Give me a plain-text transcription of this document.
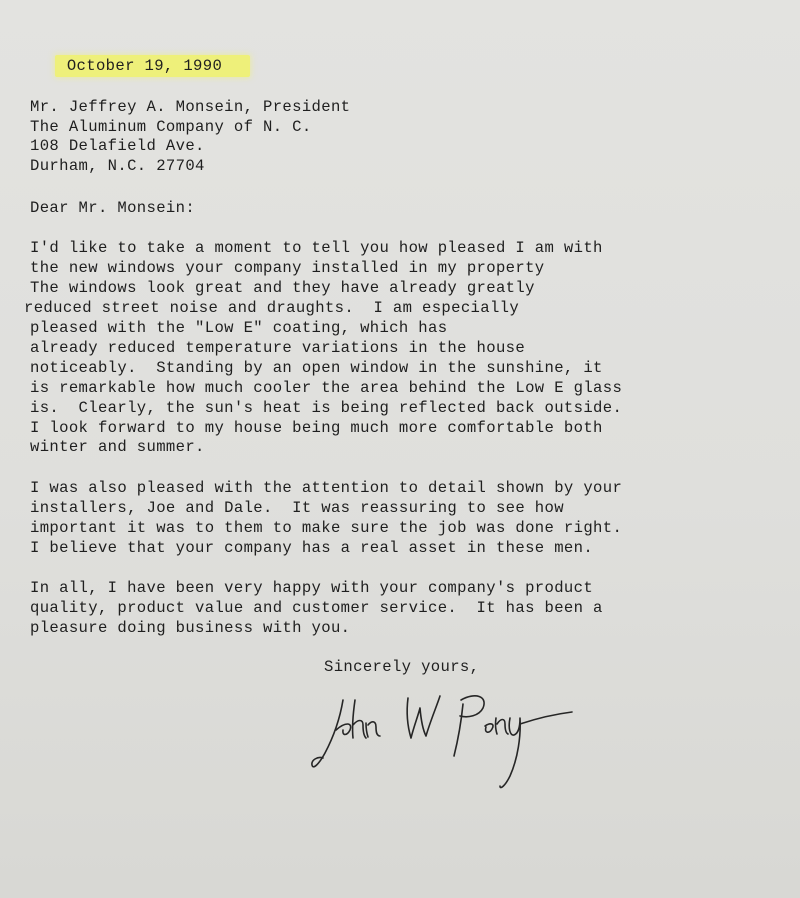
October 19, 1990

Mr. Jeffrey A. Monsein, President
The Aluminum Company of N. C.
108 Delafield Ave.
Durham, N.C. 27704
Dear Mr. Monsein:
I'd like to take a moment to tell you how pleased I am with
the new windows your company installed in my property
The windows look great and they have already greatly
reduced street noise and draughts.  I am especially
pleased with the "Low E" coating, which has
already reduced temperature variations in the house
noticeably.  Standing by an open window in the sunshine, it
is remarkable how much cooler the area behind the Low E glass
is.  Clearly, the sun's heat is being reflected back outside.
I look forward to my house being much more comfortable both
winter and summer.
I was also pleased with the attention to detail shown by your
installers, Joe and Dale.  It was reassuring to see how
important it was to them to make sure the job was done right.
I believe that your company has a real asset in these men.
In all, I have been very happy with your company's product
quality, product value and customer service.  It has been a
pleasure doing business with you.
Sincerely yours,
